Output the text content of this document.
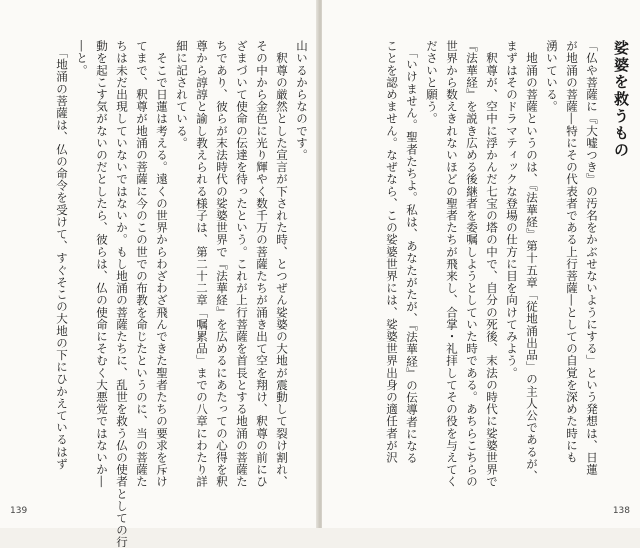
山いるからなのです。
　釈尊の厳然とした宣言が下された時、とつぜん娑婆の大地が震動して裂け割れ、
その中から金色に光り輝やく数千万の菩薩たちが涌き出て空を翔け、釈尊の前にひ
ざまづいて使命の伝達を待ったという。これが上行菩薩を首長とする地涌の菩薩た
ちであり、彼らが末法時代の娑婆世界で『法華経』を広めるにあたっての心得を釈
尊から諄諄と諭し教えられる様子は、第二十二章「嘱累品」までの八章にわたり詳
細に記されている。
　そこで日蓮は考える。遠くの世界からわざわざ飛んできた聖者たちの要求を斥け
てまで、釈尊が地涌の菩薩に今のこの世での布教を命じたというのに、当の菩薩た
ちは未だ出現していないではないか。もし地涌の菩薩たちに、乱世を救う仏の使者としての行
動を起こす気がないのだとしたら、彼らは、仏の使命にそむく大悪党ではないか―
―と。
　「地涌の菩薩は、仏の命令を受けて、すぐそこの大地の下にひかえているはず
139
娑婆を救うもの
「仏や菩薩に『大嘘つき』の汚名をかぶせないようにする」という発想は、日蓮
が地涌の菩薩―特にその代表者である上行菩薩―としての自覚を深めた時にも
湧いている。
　地涌の菩薩というのは、『法華経』第十五章「従地涌出品」の主人公であるが、
まずはそのドラマティックな登場の仕方に目を向けてみよう。
　釈尊が、空中に浮かんだ七宝の塔の中で、自分の死後、末法の時代に娑婆世界で
『法華経』を説き広める後継者を委嘱しようとしていた時である。あちらこちらの
世界から数えきれないほどの聖者たちが飛来し、合掌・礼拝してその役を与えてく
ださいと願う。
　「いけません。聖者たちよ。私は、あなたがたが、『法華経』の伝導者になる
ことを認めません。なぜなら、この娑婆世界には、娑婆世界出身の適任者が沢
138
